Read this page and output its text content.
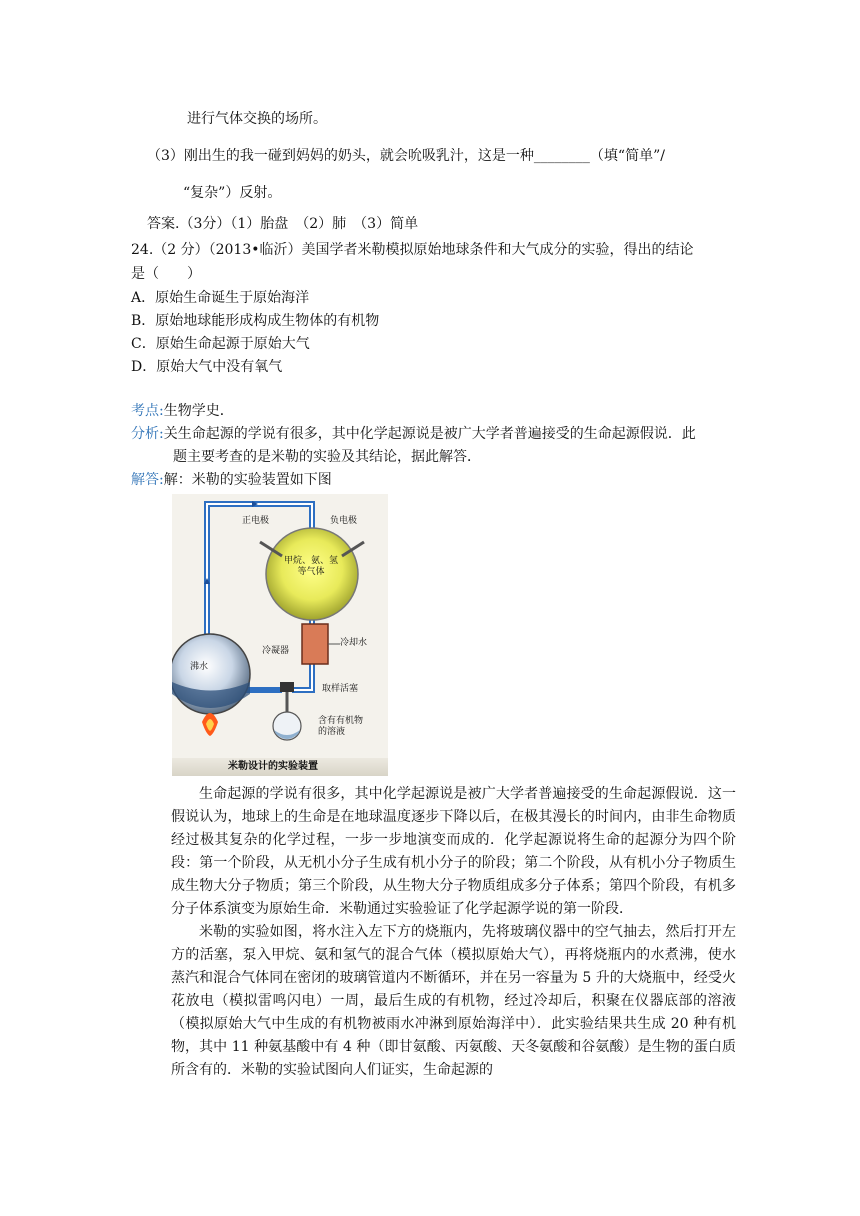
进行气体交换的场所。
（3）刚出生的我一碰到妈妈的奶头，就会吮吸乳汁，这是一种________（填“简单”/
“复杂”）反射。
答案.（3分）（1）胎盘　（2）肺　（3）简单
24.（2 分）（2013•临沂）美国学者米勒模拟原始地球条件和大气成分的实验，得出的结论
是（　　）
A．原始生命诞生于原始海洋
B．原始地球能形成构成生物体的有机物
C．原始生命起源于原始大气
D．原始大气中没有氧气
考点:生物学史．
分析:关生命起源的学说有很多，其中化学起源说是被广大学者普遍接受的生命起源假说．此
题主要考查的是米勒的实验及其结论，据此解答．
解答:解：米勒的实验装置如下图
正电极	负电极
甲烷、氨、氢
等气体
沸水
冷凝器
冷却水
取样活塞
含有有机物
的溶液
米勒设计的实验装置

生命起源的学说有很多，其中化学起源说是被广大学者普遍接受的生命起源假说．这一假说认为，地球上的生命是在地球温度逐步下降以后，在极其漫长的时间内，由非生命物质经过极其复杂的化学过程，一步一步地演变而成的．化学起源说将生命的起源分为四个阶段：第一个阶段，从无机小分子生成有机小分子的阶段；第二个阶段，从有机小分子物质生成生物大分子物质；第三个阶段，从生物大分子物质组成多分子体系；第四个阶段，有机多分子体系演变为原始生命．米勒通过实验验证了化学起源学说的第一阶段．

米勒的实验如图，将水注入左下方的烧瓶内，先将玻璃仪器中的空气抽去，然后打开左方的活塞，泵入甲烷、氨和氢气的混合气体（模拟原始大气），再将烧瓶内的水煮沸，使水蒸汽和混合气体同在密闭的玻璃管道内不断循环，并在另一容量为 5 升的大烧瓶中，经受火花放电（模拟雷鸣闪电）一周，最后生成的有机物，经过冷却后，积聚在仪器底部的溶液（模拟原始大气中生成的有机物被雨水冲淋到原始海洋中）．此实验结果共生成 20 种有机物，其中 11 种氨基酸中有 4 种（即甘氨酸、丙氨酸、天冬氨酸和谷氨酸）是生物的蛋白质所含有的．米勒的实验试图向人们证实，生命起源的
